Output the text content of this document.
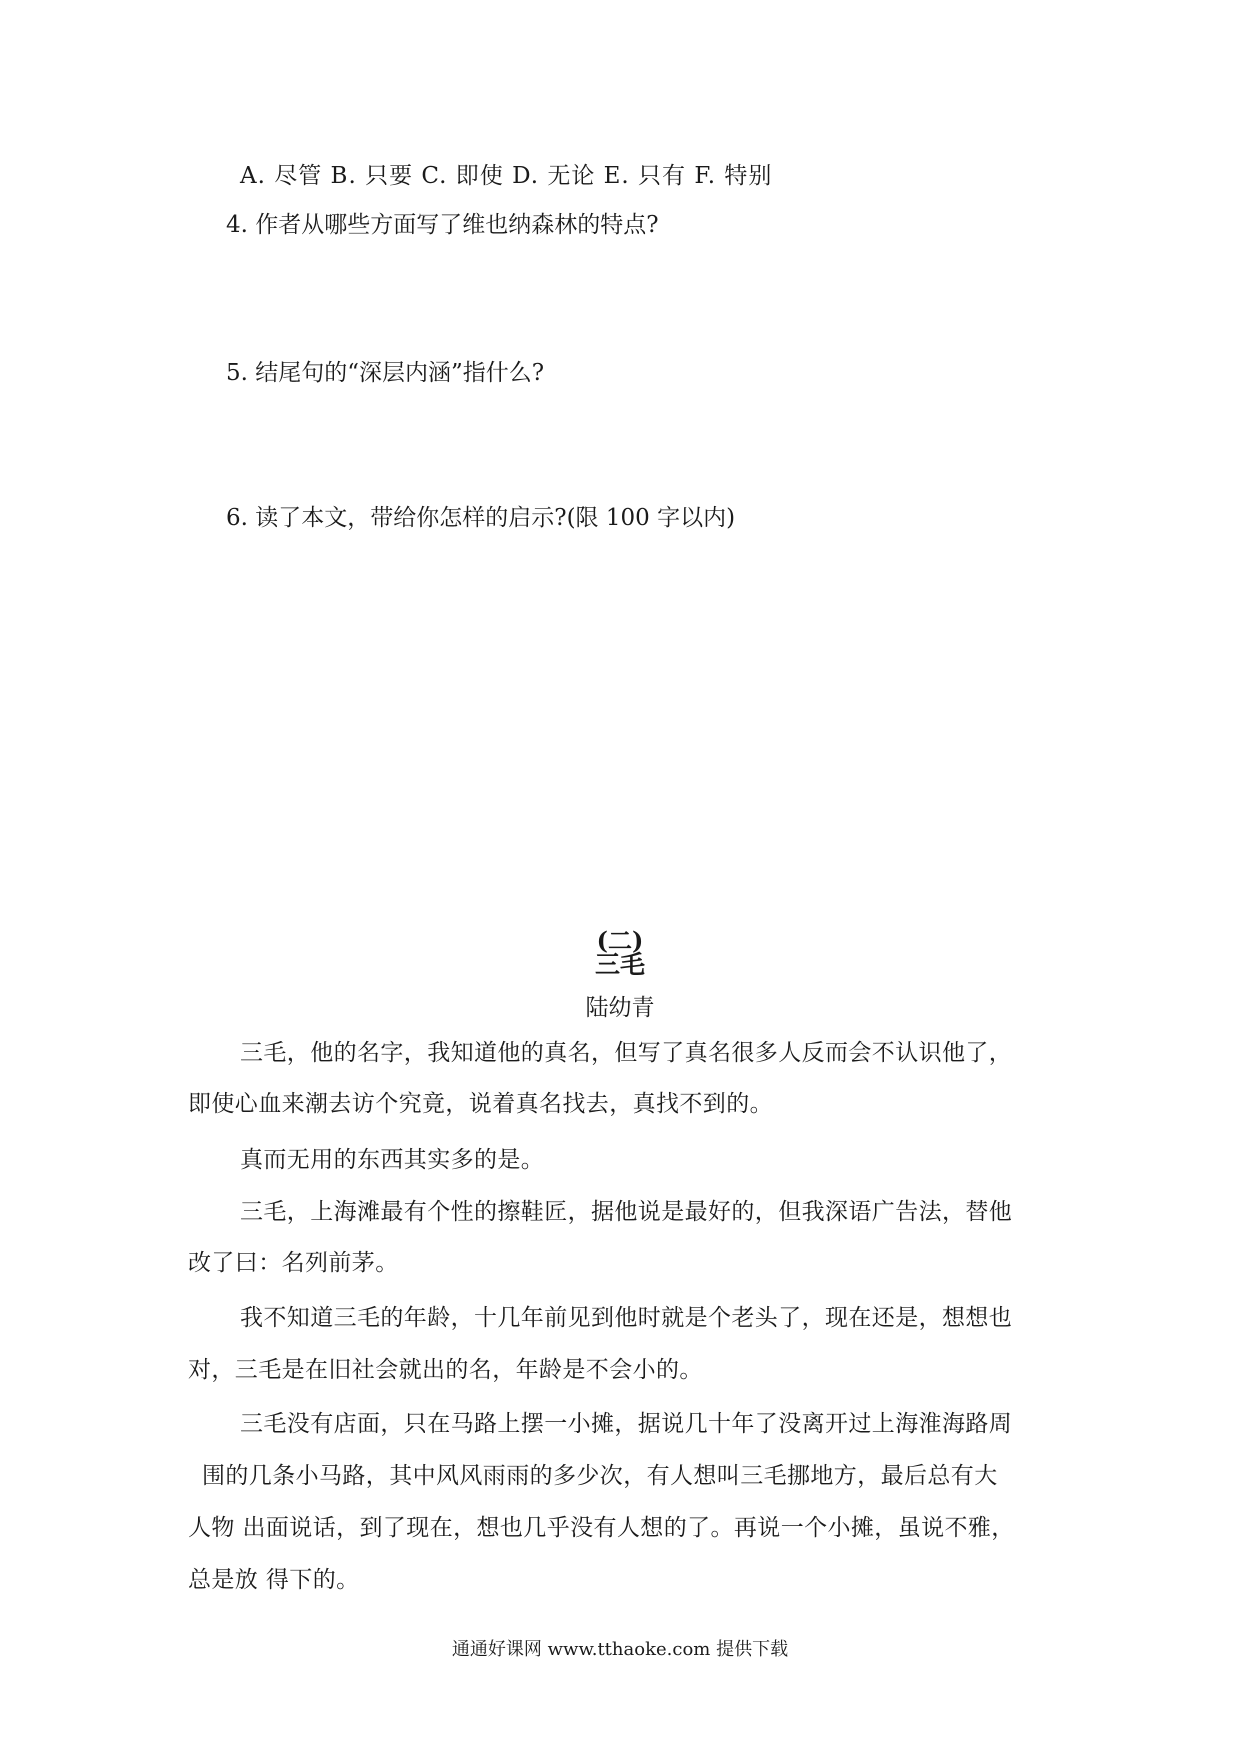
A. 尽管 B. 只要 C. 即使 D. 无论 E. 只有 F. 特别
4. 作者从哪些方面写了维也纳森林的特点?
5. 结尾句的“深层内涵”指什么?
6. 读了本文，带给你怎样的启示?(限 100 字以内)
(二)
三毛
陆幼青
三毛，他的名字，我知道他的真名，但写了真名很多人反而会不认识他了，
即使心血来潮去访个究竟，说着真名找去，真找不到的。
真而无用的东西其实多的是。
三毛，上海滩最有个性的擦鞋匠，据他说是最好的，但我深语广告法，替他
改了曰：名列前茅。
我不知道三毛的年龄，十几年前见到他时就是个老头了，现在还是，想想也
对，三毛是在旧社会就出的名，年龄是不会小的。
三毛没有店面，只在马路上摆一小摊，据说几十年了没离开过上海淮海路周
围的几条小马路，其中风风雨雨的多少次，有人想叫三毛挪地方，最后总有大
人物 出面说话，到了现在，想也几乎没有人想的了。再说一个小摊，虽说不雅，
总是放 得下的。
通通好课网 www.tthaoke.com 提供下载
